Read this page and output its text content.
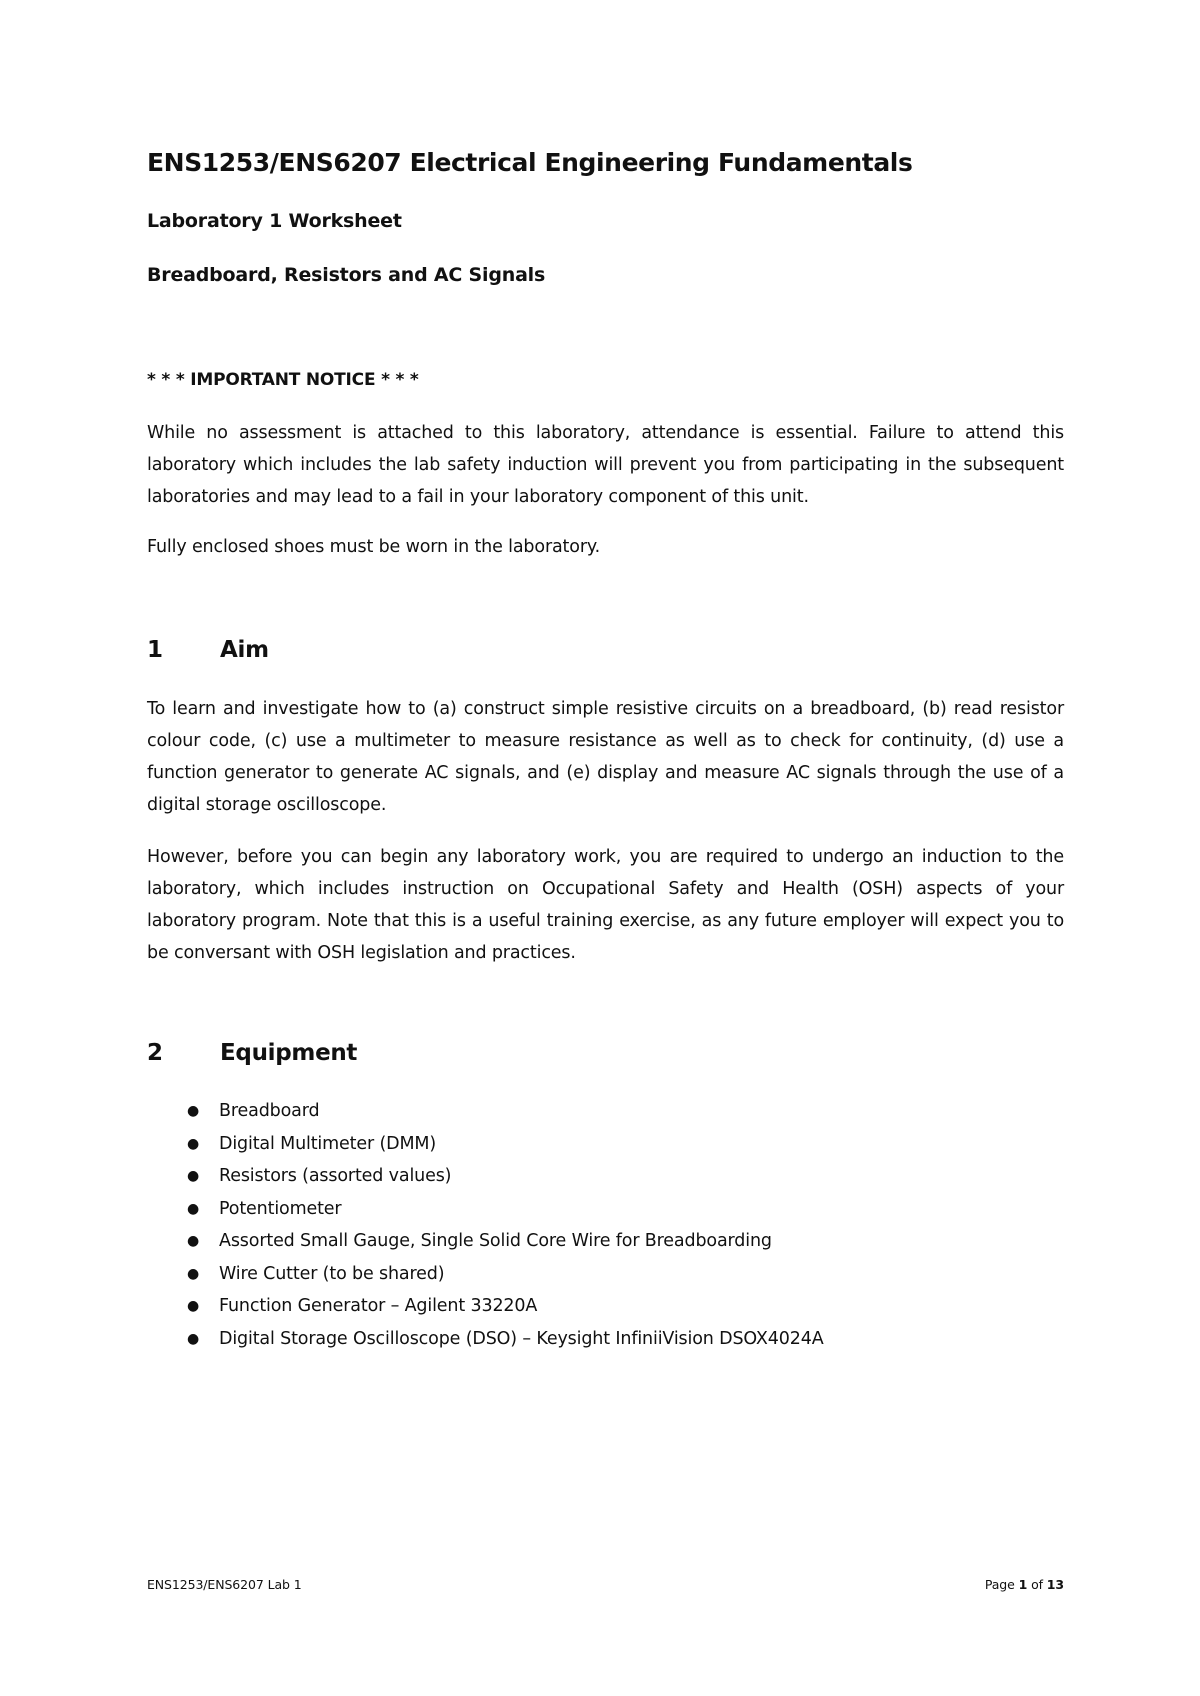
ENS1253/ENS6207 Electrical Engineering Fundamentals
Laboratory 1 Worksheet
Breadboard, Resistors and AC Signals
* * * IMPORTANT NOTICE * * *
While no assessment is attached to this laboratory, attendance is essential. Failure to attend this laboratory which includes the lab safety induction will prevent you from participating in the subsequent laboratories and may lead to a fail in your laboratory component of this unit.
Fully enclosed shoes must be worn in the laboratory.
1 Aim
To learn and investigate how to (a) construct simple resistive circuits on a breadboard, (b) read resistor colour code, (c) use a multimeter to measure resistance as well as to check for continuity, (d) use a function generator to generate AC signals, and (e) display and measure AC signals through the use of a digital storage oscilloscope.
However, before you can begin any laboratory work, you are required to undergo an induction to the laboratory, which includes instruction on Occupational Safety and Health (OSH) aspects of your laboratory program. Note that this is a useful training exercise, as any future employer will expect you to be conversant with OSH legislation and practices.
2 Equipment
● Breadboard
● Digital Multimeter (DMM)
● Resistors (assorted values)
● Potentiometer
● Assorted Small Gauge, Single Solid Core Wire for Breadboarding
● Wire Cutter (to be shared)
● Function Generator – Agilent 33220A
● Digital Storage Oscilloscope (DSO) – Keysight InfiniiVision DSOX4024A
ENS1253/ENS6207 Lab 1	Page 1 of 13
